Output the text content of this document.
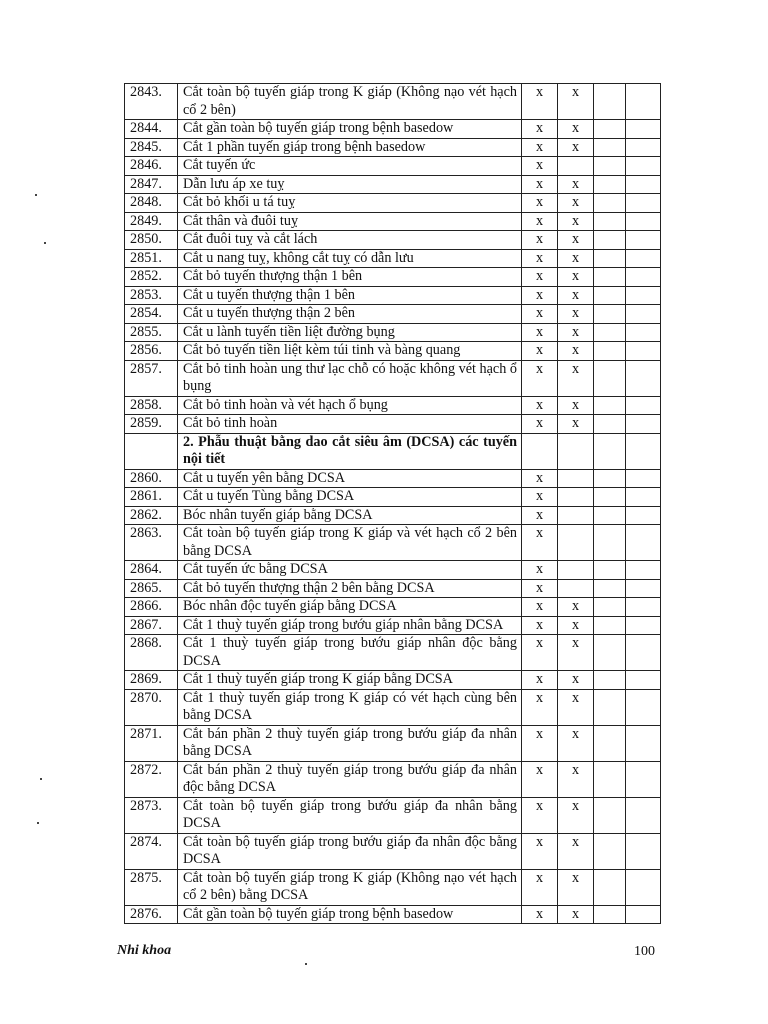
2843.	Cắt toàn bộ tuyến giáp trong K giáp (Không nạo vét hạch cổ 2 bên)	x	x		
2844.	Cắt gần toàn bộ tuyến giáp trong bệnh basedow	x	x		
2845.	Cắt 1 phần tuyến giáp trong bệnh basedow	x	x		
2846.	Cắt tuyến ức	x			
2847.	Dẫn lưu áp xe tuỵ	x	x		
2848.	Cắt bỏ khối u tá tuỵ	x	x		
2849.	Cắt thân và đuôi tuỵ	x	x		
2850.	Cắt đuôi tuỵ và cắt lách	x	x		
2851.	Cắt u nang tuỵ, không cắt tuỵ có dẫn lưu	x	x		
2852.	Cắt bỏ tuyến thượng thận 1 bên	x	x		
2853.	Cắt u tuyến thượng thận 1 bên	x	x		
2854.	Cắt u tuyến thượng thận 2 bên	x	x		
2855.	Cắt u lành tuyến tiền liệt đường bụng	x	x		
2856.	Cắt bỏ tuyến tiền liệt kèm túi tinh và bàng quang	x	x		
2857.	Cắt bỏ tinh hoàn ung thư lạc chỗ có hoặc không vét hạch ổ bụng	x	x		
2858.	Cắt bỏ tinh hoàn và vét hạch ổ bụng	x	x		
2859.	Cắt bỏ tinh hoàn	x	x		
	2. Phẫu thuật bằng dao cắt siêu âm (DCSA) các tuyến nội tiết				
2860.	Cắt u tuyến yên bằng DCSA	x			
2861.	Cắt u tuyến Tùng bằng DCSA	x			
2862.	Bóc nhân tuyến giáp bằng DCSA	x			
2863.	Cắt toàn bộ tuyến giáp trong K giáp và vét hạch cổ 2 bên bằng DCSA	x			
2864.	Cắt tuyến ức bằng DCSA	x			
2865.	Cắt bỏ tuyến thượng thận 2 bên bằng DCSA	x			
2866.	Bóc nhân độc tuyến giáp bằng DCSA	x	x		
2867.	Cắt 1 thuỳ tuyến giáp trong bướu giáp nhân bằng DCSA	x	x		
2868.	Cắt 1 thuỳ tuyến giáp trong bướu giáp nhân độc bằng DCSA	x	x		
2869.	Cắt 1 thuỳ tuyến giáp trong K giáp bằng DCSA	x	x		
2870.	Cắt 1 thuỳ tuyến giáp trong K giáp có vét hạch cùng bên bằng DCSA	x	x		
2871.	Cắt bán phần 2 thuỳ tuyến giáp trong bướu giáp đa nhân bằng DCSA	x	x		
2872.	Cắt bán phần 2 thuỳ tuyến giáp trong bướu giáp đa nhân độc bằng DCSA	x	x		
2873.	Cắt toàn bộ tuyến giáp trong bướu giáp đa nhân bằng DCSA	x	x		
2874.	Cắt toàn bộ tuyến giáp trong bướu giáp đa nhân độc bằng DCSA	x	x		
2875.	Cắt toàn bộ tuyến giáp trong K giáp (Không nạo vét hạch cổ 2 bên) bằng DCSA	x	x		
2876.	Cắt gần toàn bộ tuyến giáp trong bệnh basedow	x	x		
Nhi khoa	100
